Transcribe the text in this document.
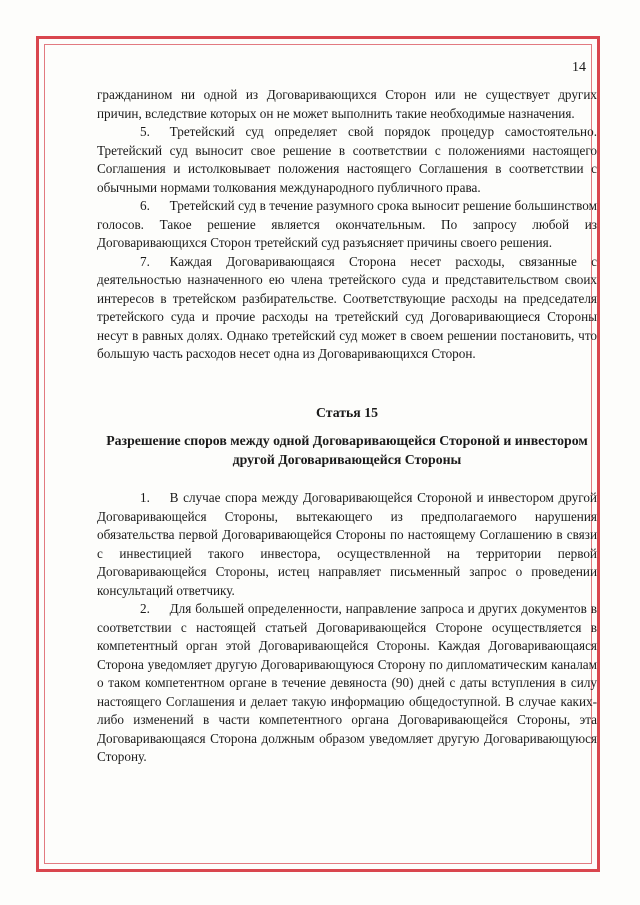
14

гражданином ни одной из Договаривающихся Сторон или не существует других причин, вследствие которых он не может выполнить такие необходимые назначения.

5.  Третейский суд определяет свой порядок процедур самостоятельно. Третейский суд выносит свое решение в соответствии с положениями настоящего Соглашения и истолковывает положения настоящего Соглашения в соответствии с обычными нормами толкования международного публичного права.

6.  Третейский суд в течение разумного срока выносит решение большинством голосов. Такое решение является окончательным. По запросу любой из Договаривающихся Сторон третейский суд разъясняет причины своего решения.

7.  Каждая Договаривающаяся Сторона несет расходы, связанные с деятельностью назначенного ею члена третейского суда и представительством своих интересов в третейском разбирательстве. Соответствующие расходы на председателя третейского суда и прочие расходы на третейский суд Договаривающиеся Стороны несут в равных долях. Однако третейский суд может в своем решении постановить, что большую часть расходов несет одна из Договаривающихся Сторон.

Статья 15

Разрешение споров между одной Договаривающейся Стороной и инвестором другой Договаривающейся Стороны

1.  В случае спора между Договаривающейся Стороной и инвестором другой Договаривающейся Стороны, вытекающего из предполагаемого нарушения обязательства первой Договаривающейся Стороны по настоящему Соглашению в связи с инвестицией такого инвестора, осуществленной на территории первой Договаривающейся Стороны, истец направляет письменный запрос о проведении консультаций ответчику.

2.  Для большей определенности, направление запроса и других документов в соответствии с настоящей статьей Договаривающейся Стороне осуществляется в компетентный орган этой Договаривающейся Стороны. Каждая Договаривающаяся Сторона уведомляет другую Договаривающуюся Сторону по дипломатическим каналам о таком компетентном органе в течение девяноста (90) дней с даты вступления в силу настоящего Соглашения и делает такую информацию общедоступной. В случае каких-либо изменений в части компетентного органа Договаривающейся Стороны, эта Договаривающаяся Сторона должным образом уведомляет другую Договаривающуюся Сторону.
